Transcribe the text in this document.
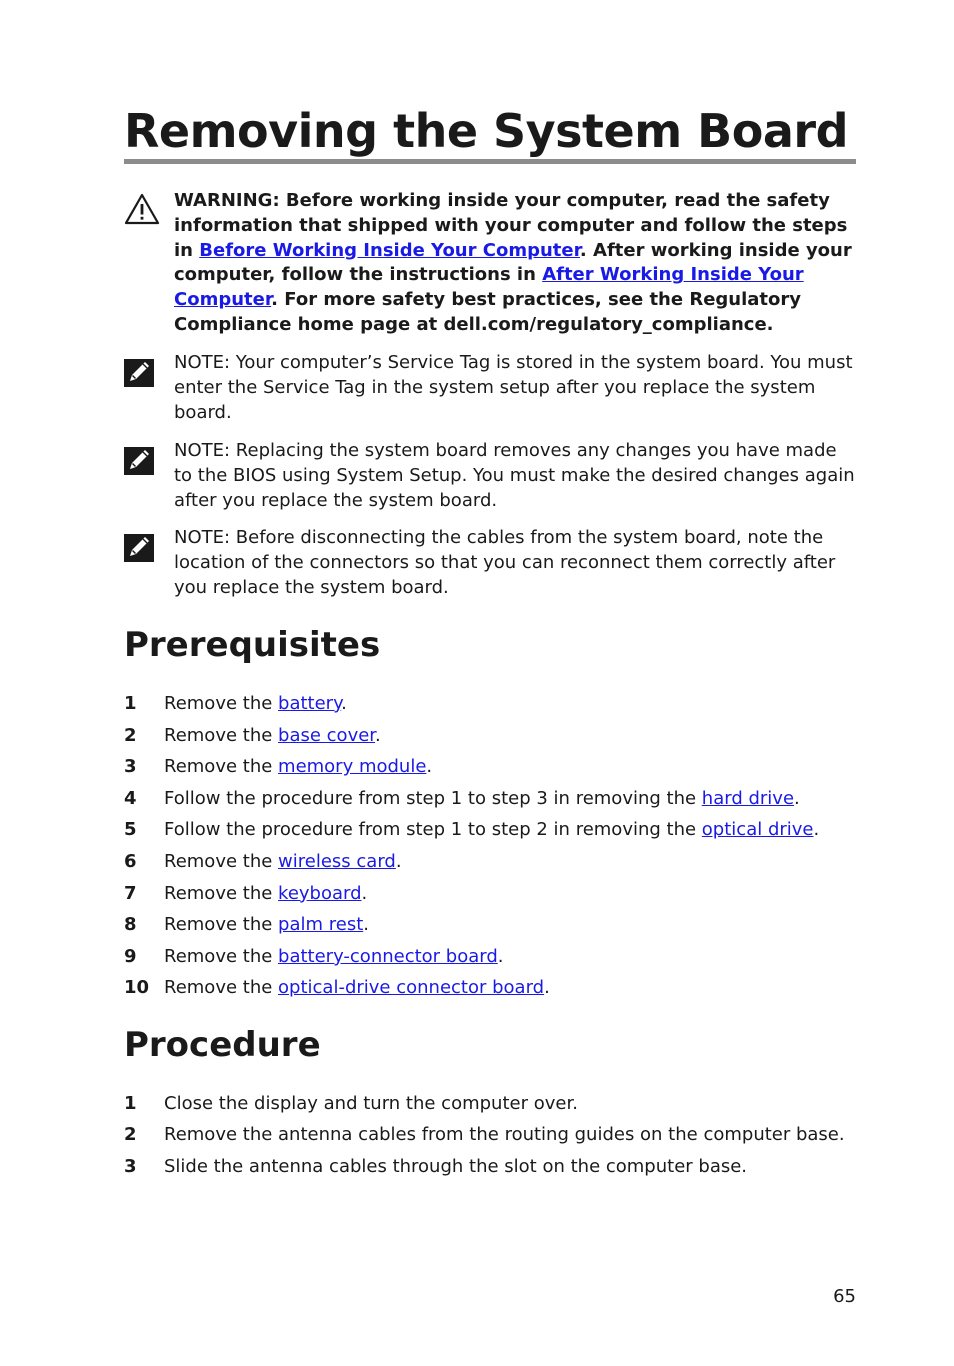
Removing the System Board
WARNING: Before working inside your computer, read the safety information that shipped with your computer and follow the steps in Before Working Inside Your Computer. After working inside your computer, follow the instructions in After Working Inside Your Computer. For more safety best practices, see the Regulatory Compliance home page at dell.com/regulatory_compliance.
NOTE: Your computer’s Service Tag is stored in the system board. You must enter the Service Tag in the system setup after you replace the system board.
NOTE: Replacing the system board removes any changes you have made to the BIOS using System Setup. You must make the desired changes again after you replace the system board.
NOTE: Before disconnecting the cables from the system board, note the location of the connectors so that you can reconnect them correctly after you replace the system board.
Prerequisites
1 Remove the battery.
2 Remove the base cover.
3 Remove the memory module.
4 Follow the procedure from step 1 to step 3 in removing the hard drive.
5 Follow the procedure from step 1 to step 2 in removing the optical drive.
6 Remove the wireless card.
7 Remove the keyboard.
8 Remove the palm rest.
9 Remove the battery-connector board.
10 Remove the optical-drive connector board.
Procedure
1 Close the display and turn the computer over.
2 Remove the antenna cables from the routing guides on the computer base.
3 Slide the antenna cables through the slot on the computer base.
65
